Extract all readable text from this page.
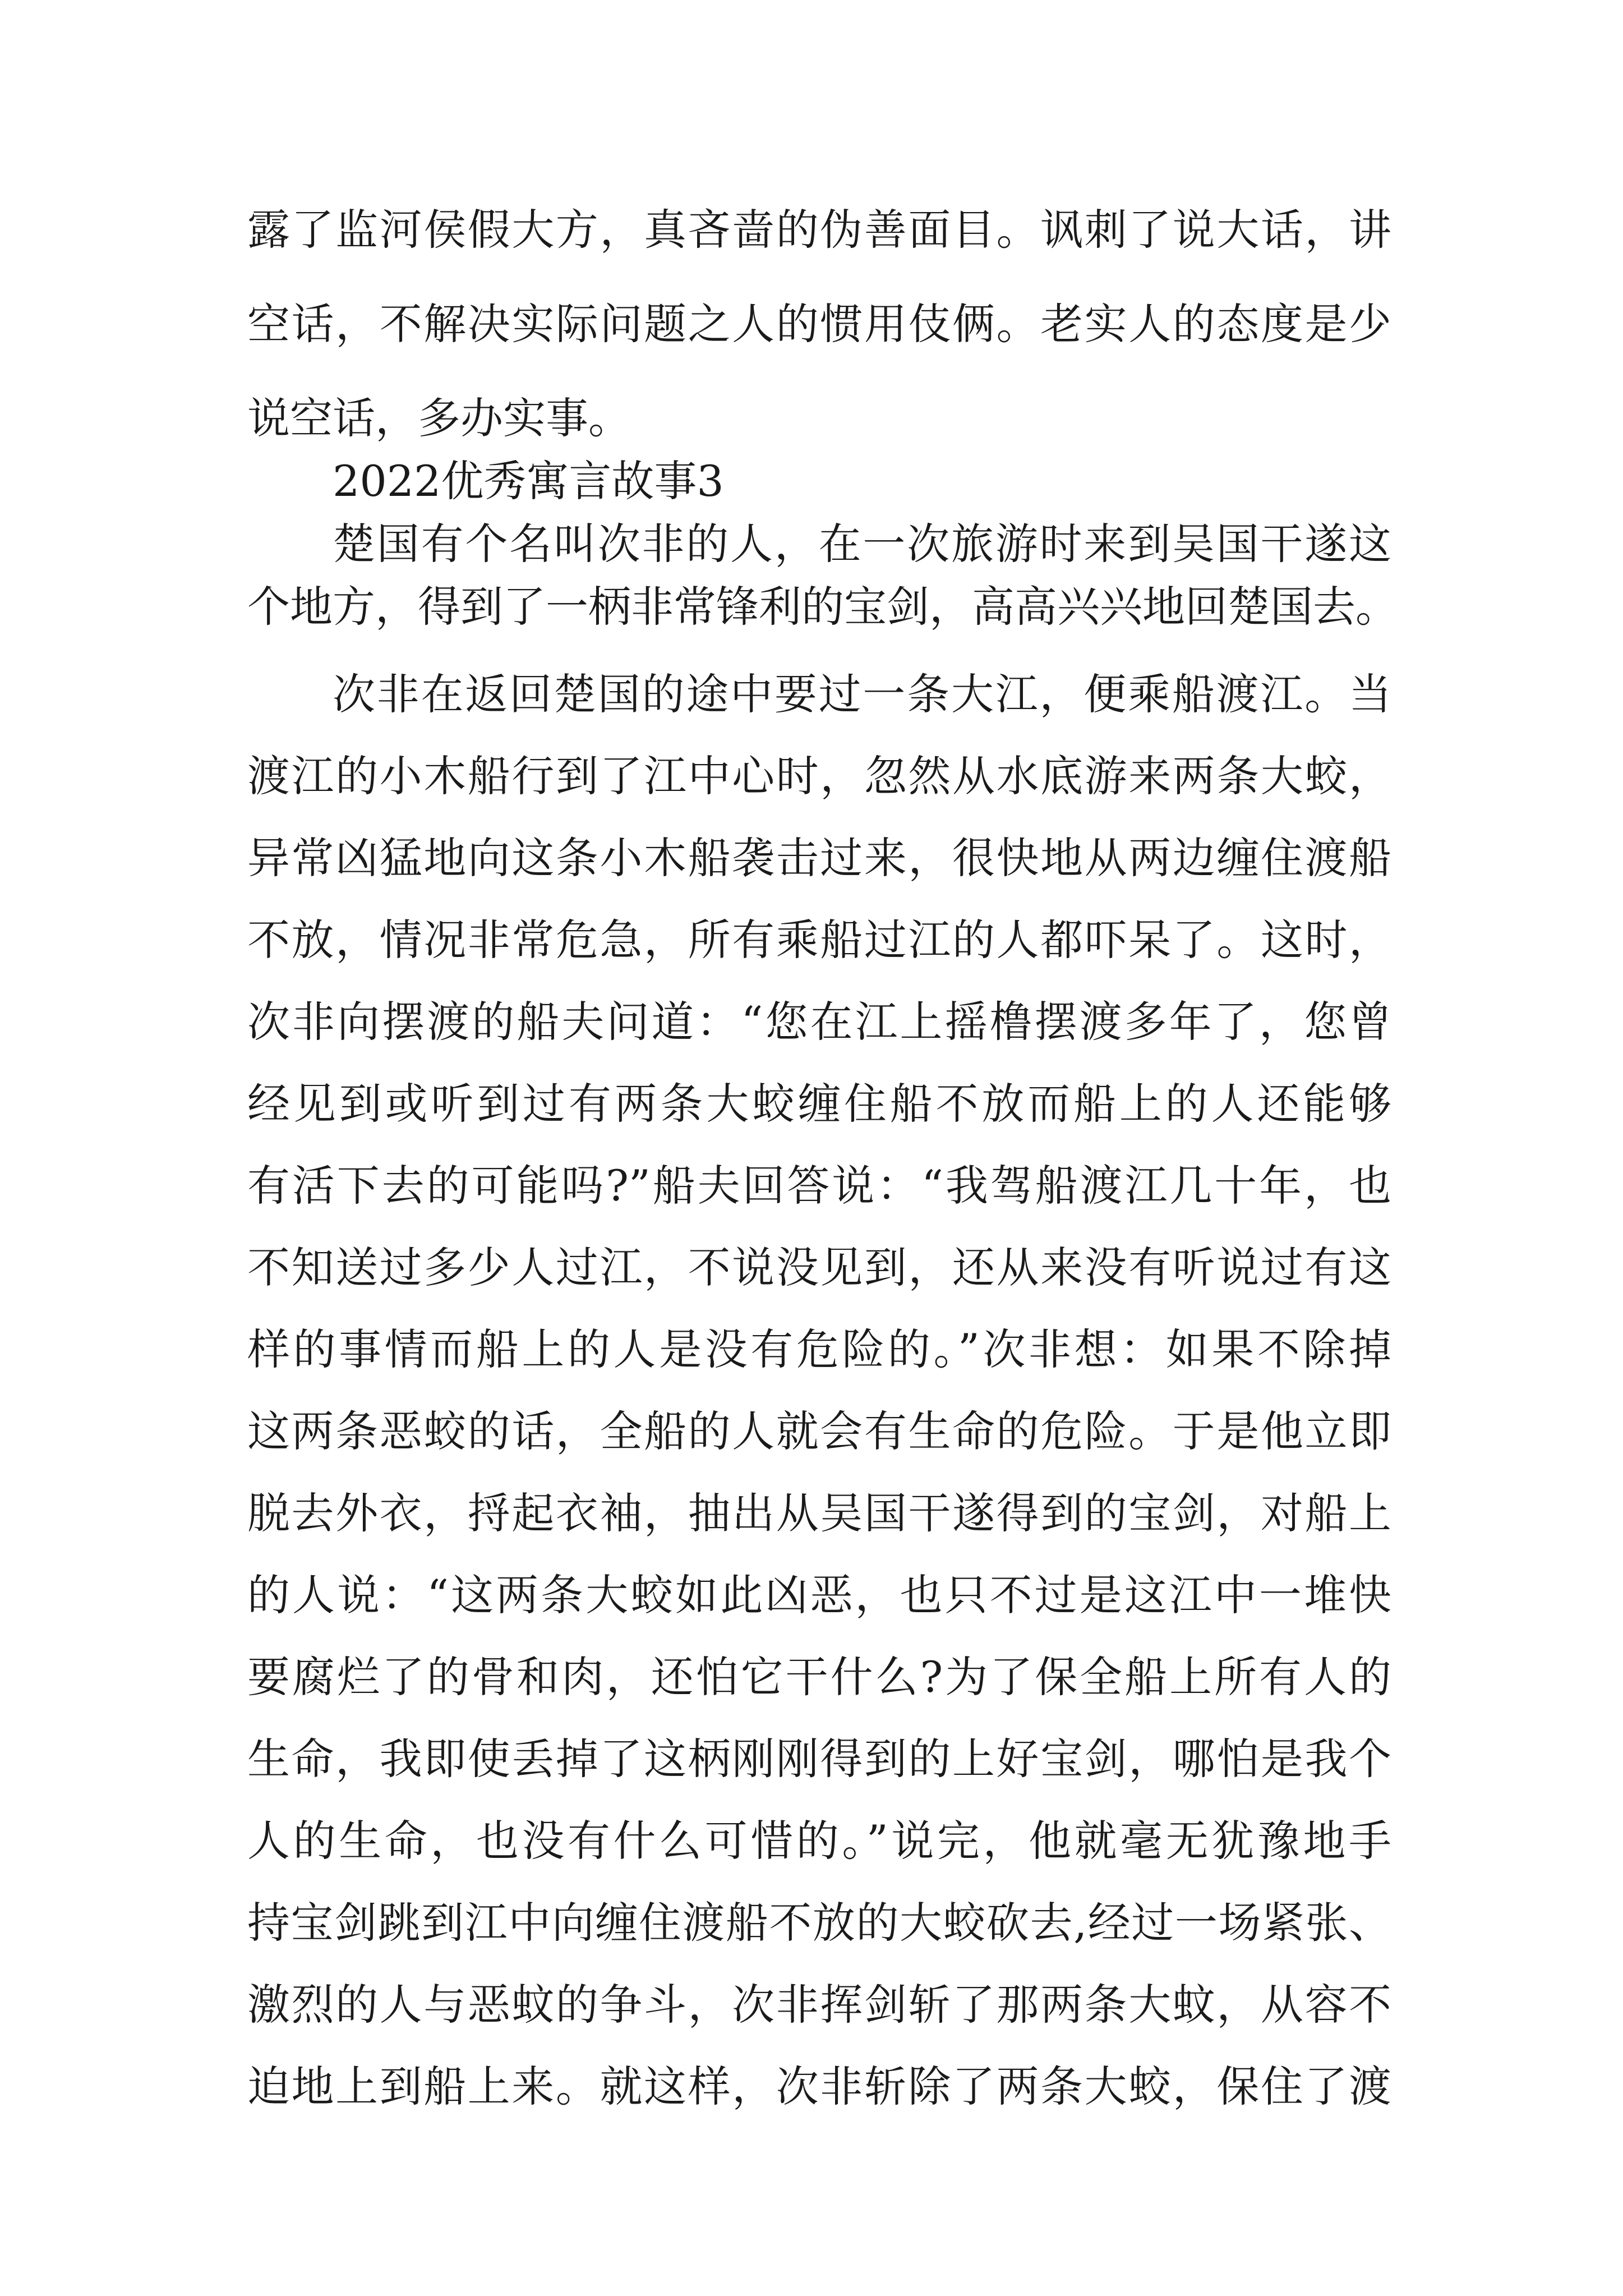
露了监河侯假大方，真吝啬的伪善面目。讽刺了说大话，讲
空话，不解决实际问题之人的惯用伎俩。老实人的态度是少
说空话，多办实事。
2022优秀寓言故事3
楚国有个名叫次非的人，在一次旅游时来到吴国干遂这
个地方，得到了一柄非常锋利的宝剑，高高兴兴地回楚国去。
次非在返回楚国的途中要过一条大江，便乘船渡江。当
渡江的小木船行到了江中心时，忽然从水底游来两条大蛟，
异常凶猛地向这条小木船袭击过来，很快地从两边缠住渡船
不放，情况非常危急，所有乘船过江的人都吓呆了。这时，
次非向摆渡的船夫问道：“您在江上摇橹摆渡多年了，您曾
经见到或听到过有两条大蛟缠住船不放而船上的人还能够
有活下去的可能吗?”船夫回答说：“我驾船渡江几十年，也
不知送过多少人过江，不说没见到，还从来没有听说过有这
样的事情而船上的人是没有危险的。”次非想：如果不除掉
这两条恶蛟的话，全船的人就会有生命的危险。于是他立即
脱去外衣，捋起衣袖，抽出从吴国干遂得到的宝剑，对船上
的人说：“这两条大蛟如此凶恶，也只不过是这江中一堆快
要腐烂了的骨和肉，还怕它干什么?为了保全船上所有人的
生命，我即使丢掉了这柄刚刚得到的上好宝剑，哪怕是我个
人的生命，也没有什么可惜的。”说完，他就毫无犹豫地手
持宝剑跳到江中向缠住渡船不放的大蛟砍去,经过一场紧张、
激烈的人与恶蚊的争斗，次非挥剑斩了那两条大蚊，从容不
迫地上到船上来。就这样，次非斩除了两条大蛟，保住了渡
